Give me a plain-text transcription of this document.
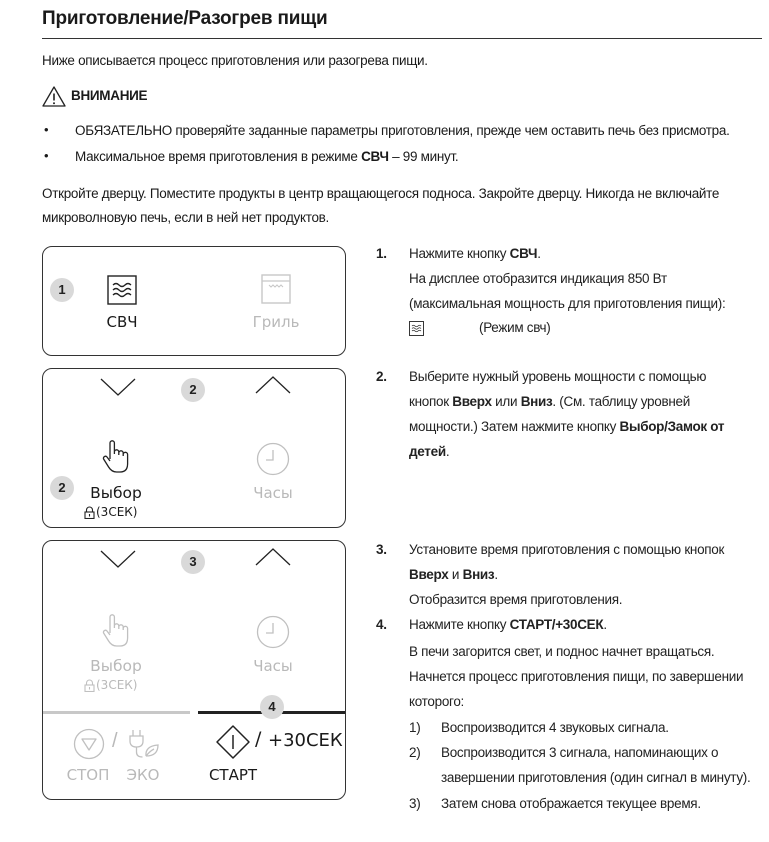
Приготовление/Разогрев пищи
Ниже описывается процесс приготовления или разогрева пищи.
ВНИМАНИЕ
• ОБЯЗАТЕЛЬНО проверяйте заданные параметры приготовления, прежде чем оставить печь без присмотра.
• Максимальное время приготовления в режиме СВЧ – 99 минут.
Откройте дверцу. Поместите продукты в центр вращающегося подноса. Закройте дверцу. Никогда не включайте
микроволновую печь, если в ней нет продуктов.
1
СВЧ	Гриль
2
2	Выбор
(3СЕК)
Часы
3
Выбор
(3СЕК)
Часы
4
/
СТОП ЭКО
/ +30СЕК
СТАРТ
1. Нажмите кнопку СВЧ.
На дисплее отобразится индикация 850 Вт
(максимальная мощность для приготовления пищи):
(Режим свч)
2. Выберите нужный уровень мощности с помощью
кнопок Вверх или Вниз. (См. таблицу уровней
мощности.) Затем нажмите кнопку Выбор/Замок от
детей.
3. Установите время приготовления с помощью кнопок
Вверх и Вниз.
Отобразится время приготовления.
4. Нажмите кнопку СТАРТ/+30СЕК.
В печи загорится свет, и поднос начнет вращаться.
Начнется процесс приготовления пищи, по завершении
которого:
1) Воспроизводится 4 звуковых сигнала.
2) Воспроизводится 3 сигнала, напоминающих о
завершении приготовления (один сигнал в минуту).
3) Затем снова отображается текущее время.
